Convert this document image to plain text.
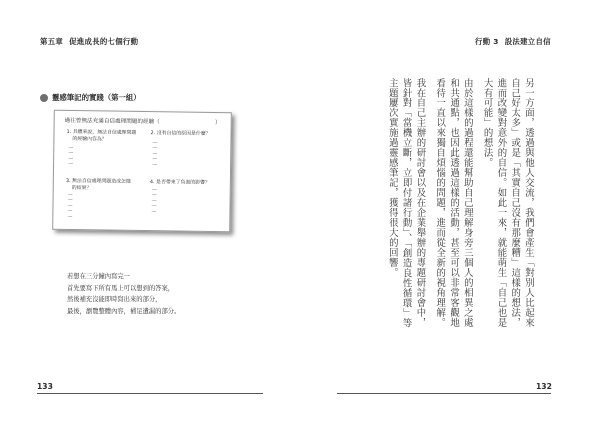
第五章 促進成長的七個行動
靈感筆記的實踐（第一組）
過往曾無法充滿自信處理問題的經驗（	）
1. 具體來說，無法自信處理問題
的經驗內容為？
2. 沒有自信的原因是什麼？
3. 無法自信處理問題造成怎樣
的結果？
4. 是否帶來了負面的影響？
—
—
—
—
—
—
—
—
—
—
—
—
—
—
—
—
—
—
—
若想在三分鐘內寫完一
首先要寫下所有馬上可以想到的答案，
然後補充沒能即時寫出來的部分，
最後，瀏覽整體內容，補足遺漏的部分。
133
行動 3 設法建立自信

另一方面，透過與他人交流，我們會產生「對別人比起來自己好太多」或是「其實自己沒有那麼糟」這樣的想法，進而改變對意外的自信。如此一來，就能萌生「自己也是大有可能」的想法。

由於這樣的過程還能幫助自己理解身旁三個人的相異之處和共通點，也因此透過這樣的活動，甚至可以非常客觀地看待一直以來獨自煩惱的問題，進而從全新的視角理解。

我在自己主辦的研討會以及在企業舉辦的專題研討會中，皆針對「當機立斷，立即付諸行動」、「創造良性循環」等主題屢次實施過靈感筆記，獲得很大的回響。

132
